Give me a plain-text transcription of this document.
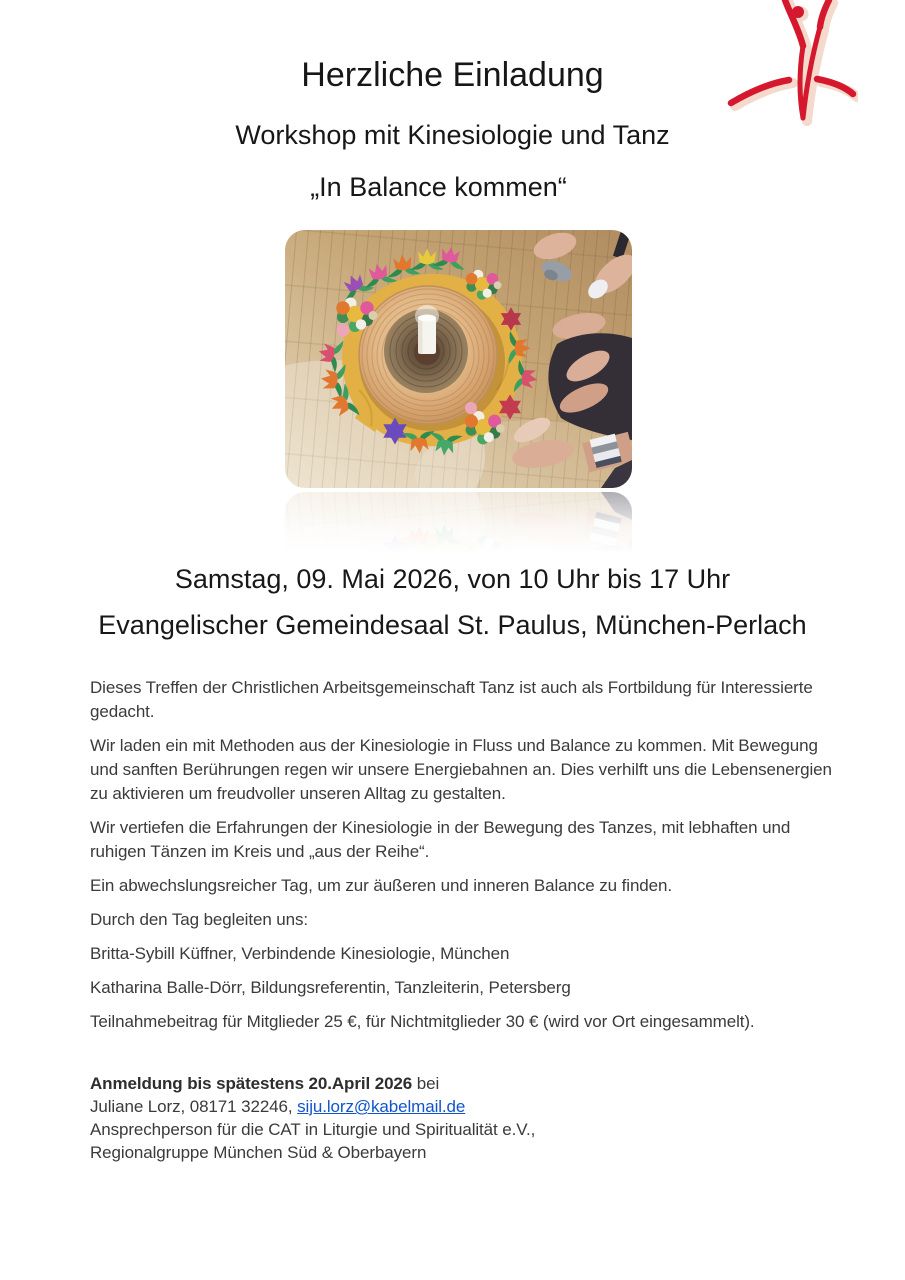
Herzliche Einladung
Workshop mit Kinesiologie und Tanz
„In Balance kommen“
Samstag, 09. Mai 2026, von 10 Uhr bis 17 Uhr
Evangelischer Gemeindesaal St. Paulus, München-Perlach

Dieses Treffen der Christlichen Arbeitsgemeinschaft Tanz ist auch als Fortbildung für Interessierte gedacht.

Wir laden ein mit Methoden aus der Kinesiologie in Fluss und Balance zu kommen. Mit Bewegung und sanften Berührungen regen wir unsere Energiebahnen an. Dies verhilft uns die Lebensenergien zu aktivieren um freudvoller unseren Alltag zu gestalten.

Wir vertiefen die Erfahrungen der Kinesiologie in der Bewegung des Tanzes, mit lebhaften und ruhigen Tänzen im Kreis und „aus der Reihe“.

Ein abwechslungsreicher Tag, um zur äußeren und inneren Balance zu finden.

Durch den Tag begleiten uns:

Britta-Sybill Küffner, Verbindende Kinesiologie, München

Katharina Balle-Dörr, Bildungsreferentin, Tanzleiterin, Petersberg

Teilnahmebeitrag für Mitglieder 25 €, für Nichtmitglieder 30 € (wird vor Ort eingesammelt).

Anmeldung bis spätestens 20.April 2026 bei
Juliane Lorz, 08171 32246, siju.lorz@kabelmail.de
Ansprechperson für die CAT in Liturgie und Spiritualität e.V.,
Regionalgruppe München Süd & Oberbayern
